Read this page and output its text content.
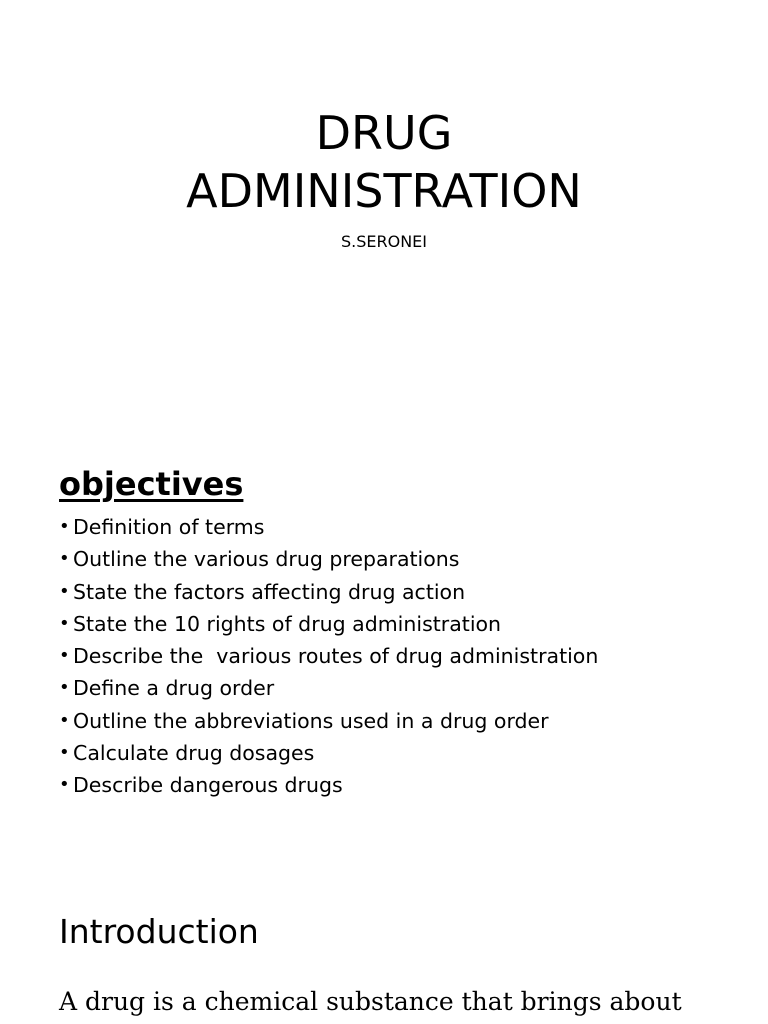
DRUG
ADMINISTRATION

S.SERONEI

objectives
• Definition of terms
• Outline the various drug preparations
• State the factors affecting drug action
• State the 10 rights of drug administration
• Describe the  various routes of drug administration
• Define a drug order
• Outline the abbreviations used in a drug order
• Calculate drug dosages
• Describe dangerous drugs
Introduction

A drug is a chemical substance that brings about
